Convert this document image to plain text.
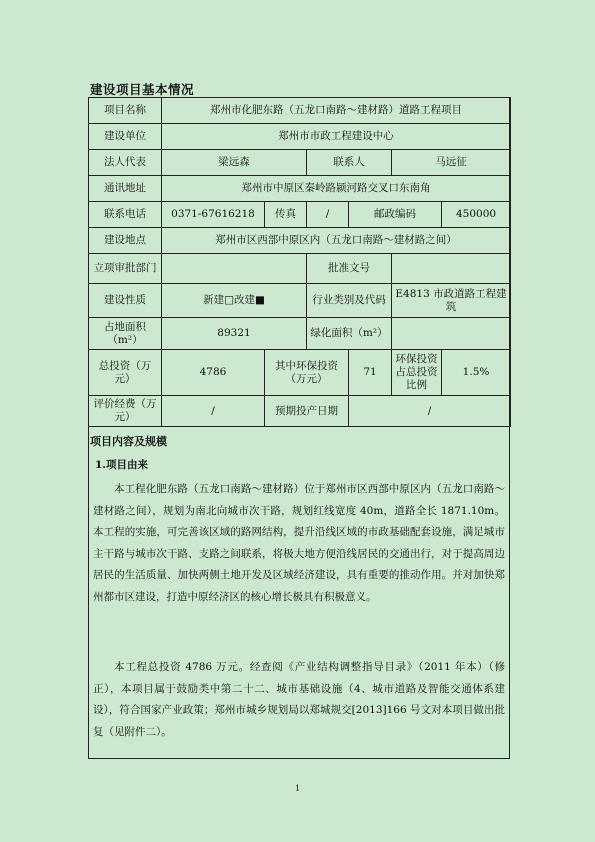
建设项目基本情况
项目名称	郑州市化肥东路（五龙口南路～建材路）道路工程项目					
建设单位	郑州市市政工程建设中心					
法人代表	梁远森		联系人		马远征	
通讯地址	郑州市中原区秦岭路颍河路交叉口东南角					
联系电话	0371-67616218	传真	/	邮政编码		450000
建设地点	郑州市区西部中原区内（五龙口南路～建材路之间）					
立项审批部门			批准文号			
建设性质	新建□改建■		行业类别及代码		E4813 市政道路工程建筑	
占地面积（m²）	89321		绿化面积（m²）			
总投资（万元）	4786	其中环保投资（万元）		71	环保投资占总投资比例	1.5%
评价经费（万元）	/	预期投产日期		/		
项目内容及规模
1.项目由来

本工程化肥东路（五龙口南路～建材路）位于郑州市区西部中原区内（五龙口南路～建材路之间），规划为南北向城市次干路，规划红线宽度 40m，道路全长 1871.10m。本工程的实施，可完善该区域的路网结构，提升沿线区域的市政基础配套设施，满足城市主干路与城市次干路、支路之间联系，将极大地方便沿线居民的交通出行，对于提高周边居民的生活质量、加快两侧土地开发及区域经济建设，具有重要的推动作用。并对加快郑州都市区建设，打造中原经济区的核心增长极具有积极意义。

本工程总投资 4786 万元。经查阅《产业结构调整指导目录》（2011 年本）（修正），本项目属于鼓励类中第二十二、城市基础设施（4、城市道路及智能交通体系建设），符合国家产业政策；郑州市城乡规划局以郑城规交[2013]166 号文对本项目做出批复（见附件二）。

1
